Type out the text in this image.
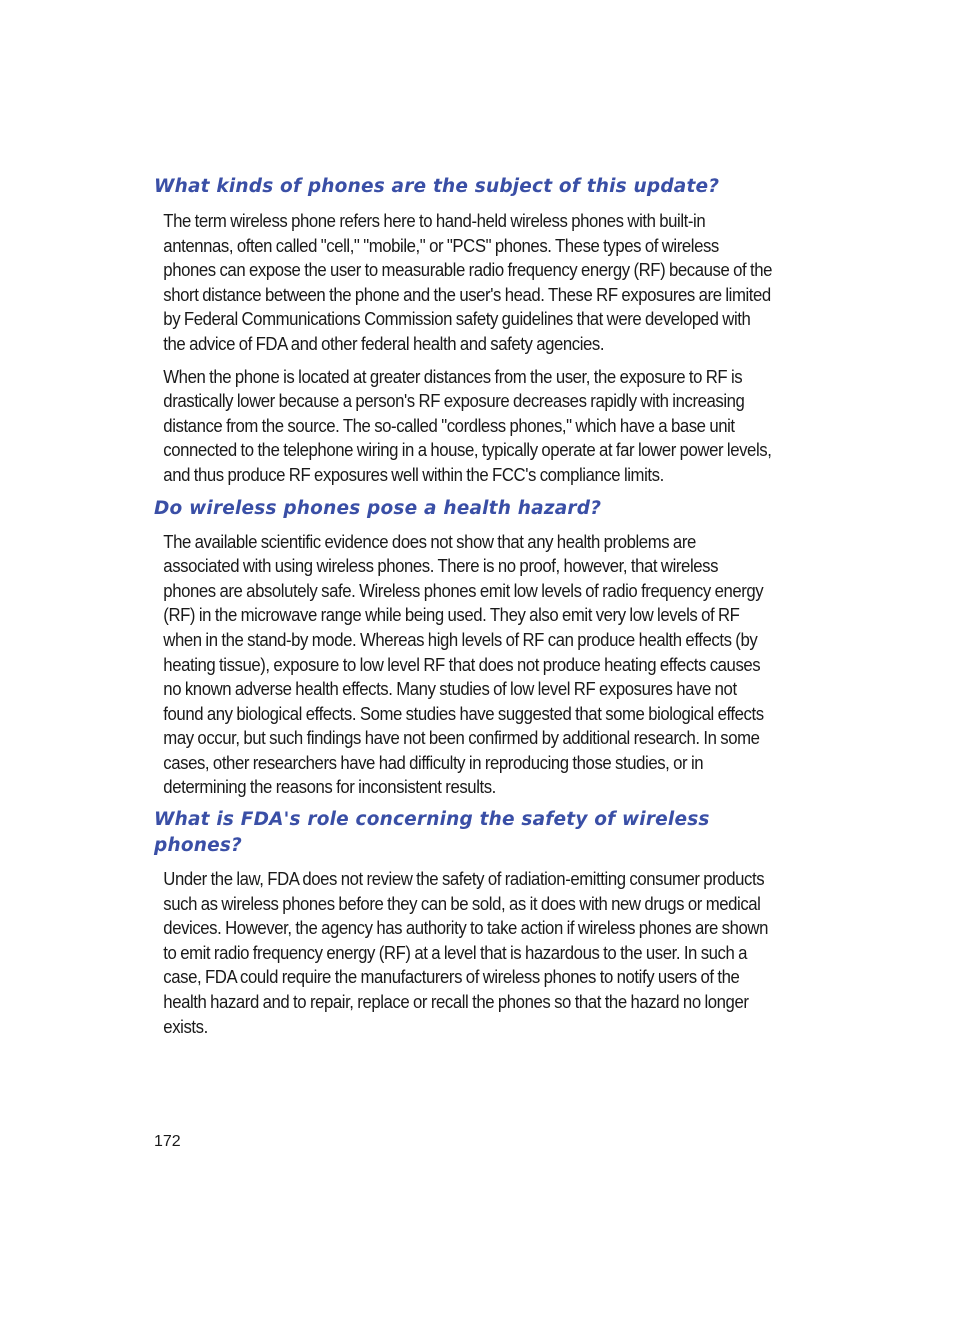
What kinds of phones are the subject of this update?

The term wireless phone refers here to hand-held wireless phones with built-in antennas, often called "cell," "mobile," or "PCS" phones. These types of wireless phones can expose the user to measurable radio frequency energy (RF) because of the short distance between the phone and the user's head. These RF exposures are limited by Federal Communications Commission safety guidelines that were developed with the advice of FDA and other federal health and safety agencies.

When the phone is located at greater distances from the user, the exposure to RF is drastically lower because a person's RF exposure decreases rapidly with increasing distance from the source. The so-called "cordless phones," which have a base unit connected to the telephone wiring in a house, typically operate at far lower power levels, and thus produce RF exposures well within the FCC's compliance limits.

Do wireless phones pose a health hazard?

The available scientific evidence does not show that any health problems are associated with using wireless phones. There is no proof, however, that wireless phones are absolutely safe. Wireless phones emit low levels of radio frequency energy (RF) in the microwave range while being used. They also emit very low levels of RF when in the stand-by mode. Whereas high levels of RF can produce health effects (by heating tissue), exposure to low level RF that does not produce heating effects causes no known adverse health effects. Many studies of low level RF exposures have not found any biological effects. Some studies have suggested that some biological effects may occur, but such findings have not been confirmed by additional research. In some cases, other researchers have had difficulty in reproducing those studies, or in determining the reasons for inconsistent results.

What is FDA's role concerning the safety of wireless phones?

Under the law, FDA does not review the safety of radiation-emitting consumer products such as wireless phones before they can be sold, as it does with new drugs or medical devices. However, the agency has authority to take action if wireless phones are shown to emit radio frequency energy (RF) at a level that is hazardous to the user. In such a case, FDA could require the manufacturers of wireless phones to notify users of the health hazard and to repair, replace or recall the phones so that the hazard no longer exists.

172
